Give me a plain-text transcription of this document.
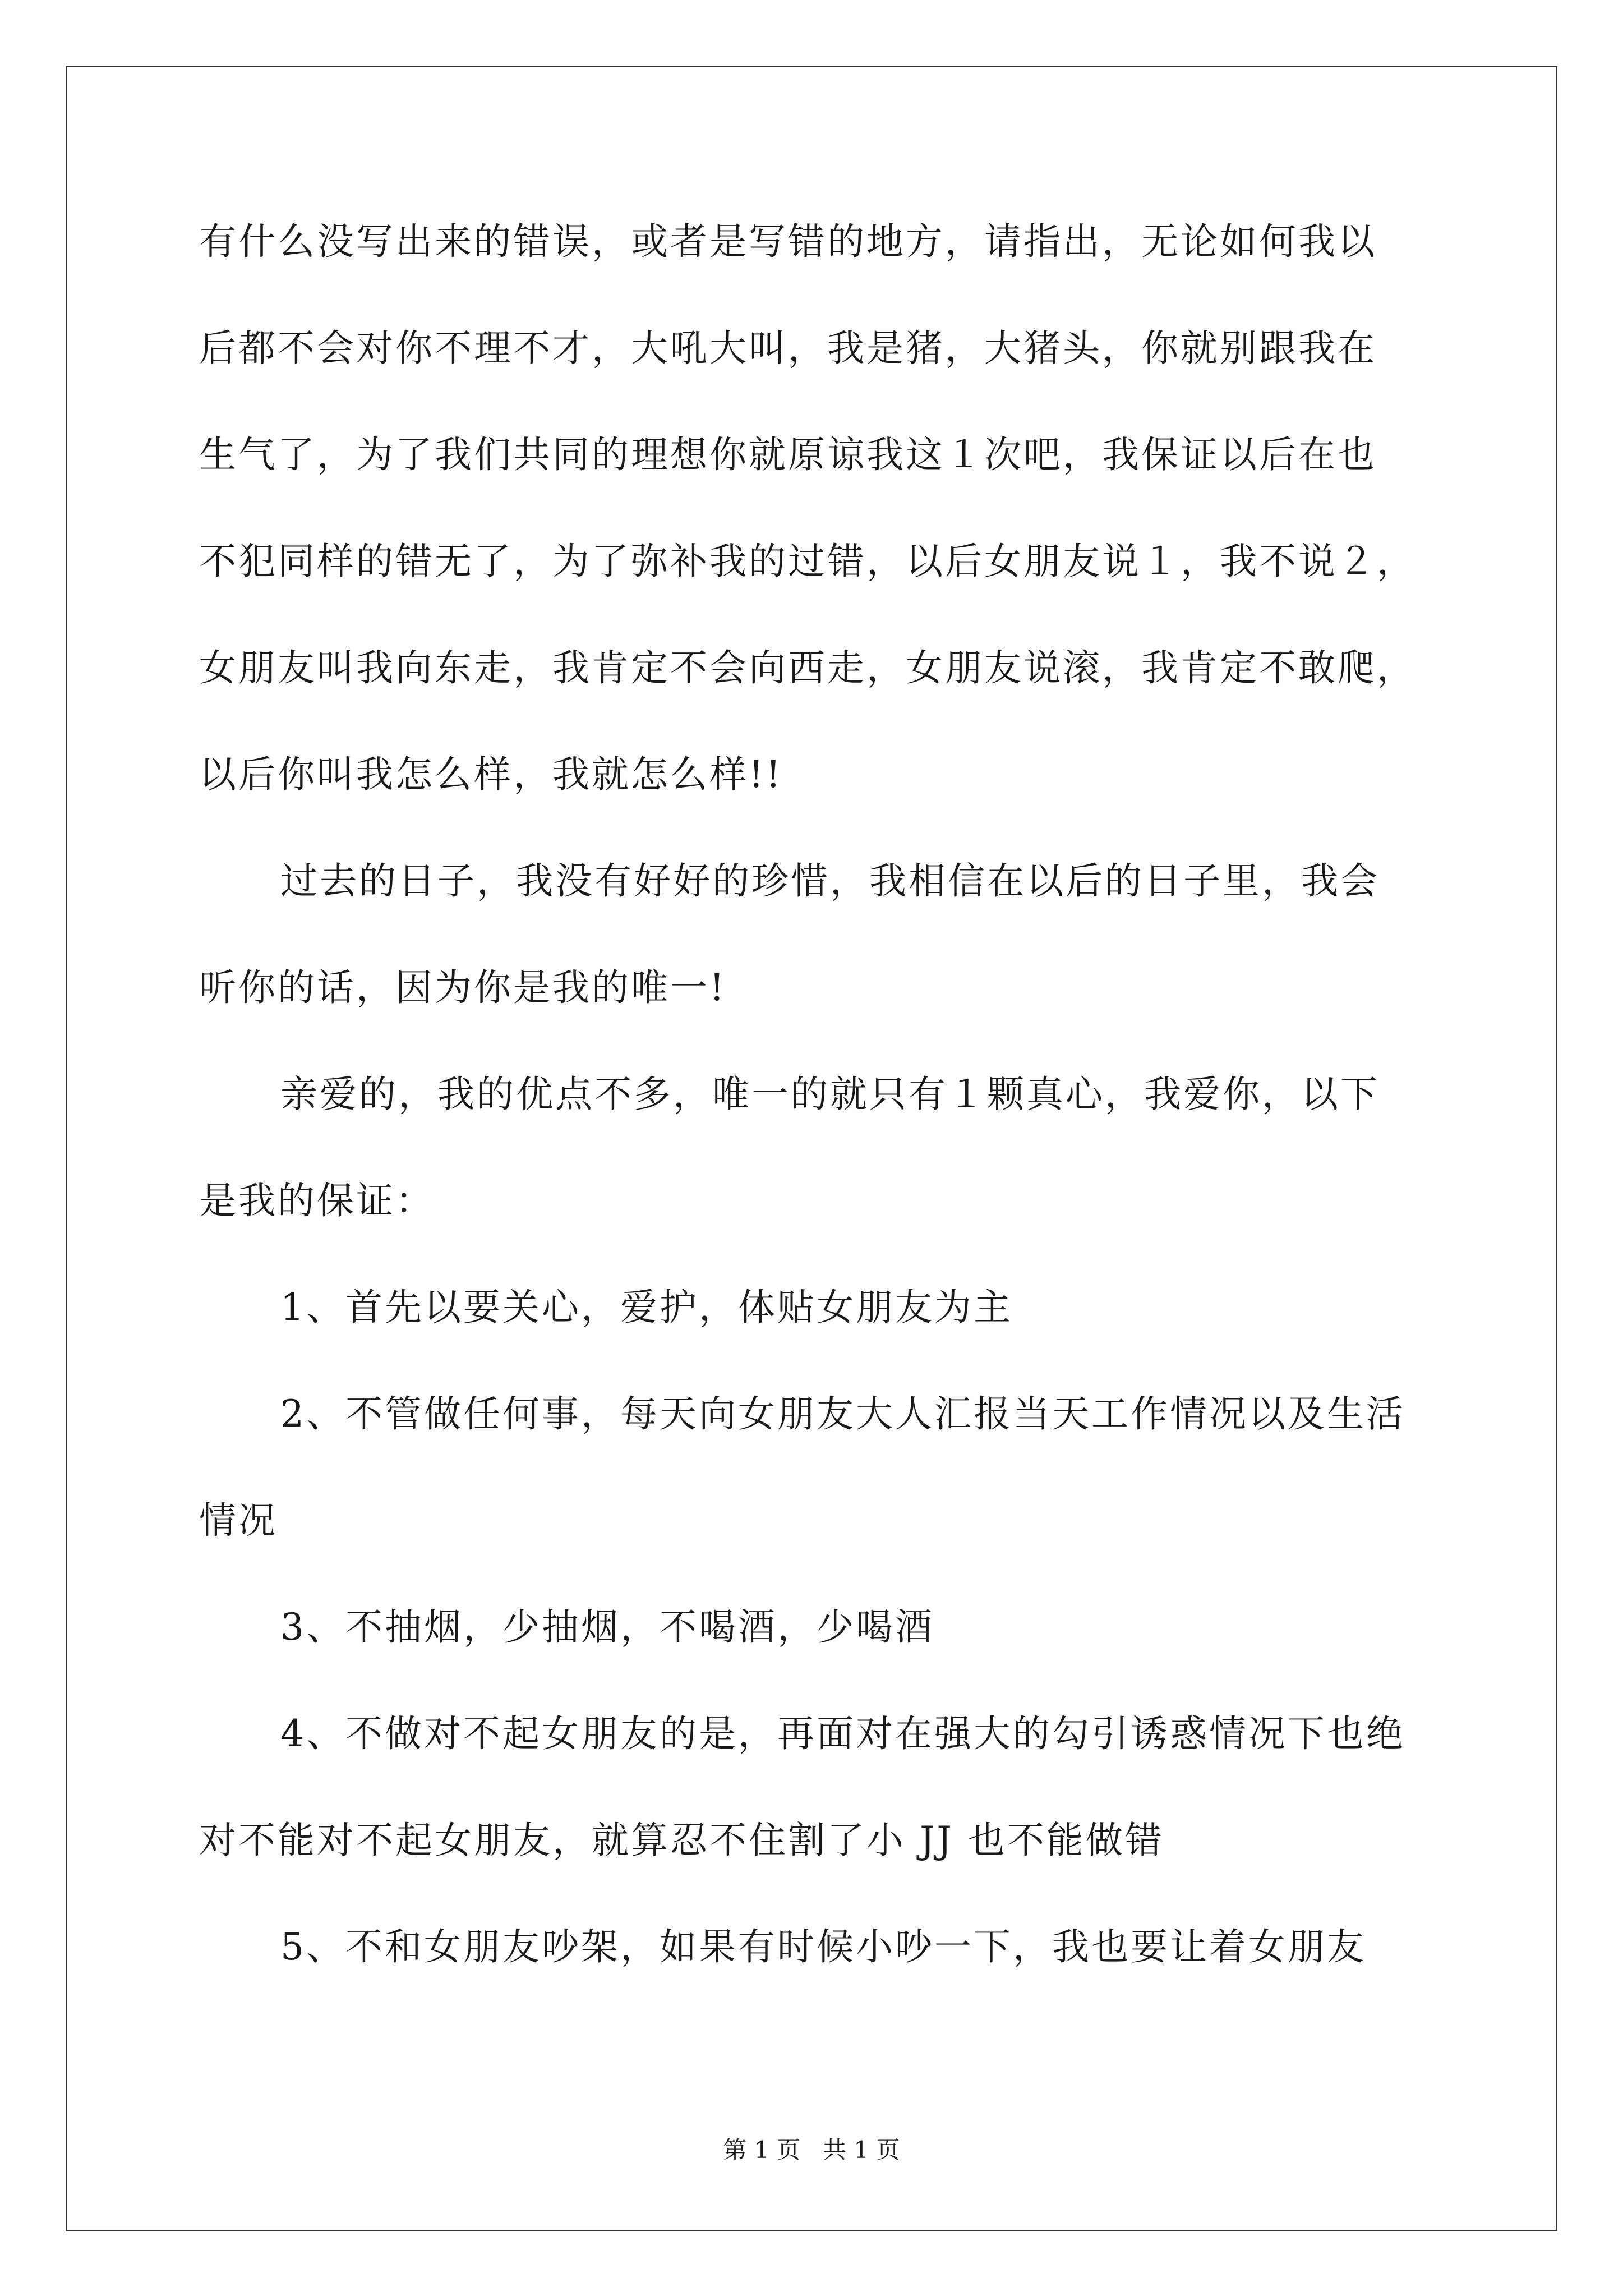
有什么没写出来的错误，或者是写错的地方，请指出，无论如何我以
后都不会对你不理不才，大吼大叫，我是猪，大猪头，你就别跟我在
生气了，为了我们共同的理想你就原谅我这１次吧，我保证以后在也
不犯同样的错无了，为了弥补我的过错，以后女朋友说１，我不说２，
女朋友叫我向东走，我肯定不会向西走，女朋友说滚，我肯定不敢爬，
以后你叫我怎么样，我就怎么样!!
过去的日子，我没有好好的珍惜，我相信在以后的日子里，我会
听你的话，因为你是我的唯一!
亲爱的，我的优点不多，唯一的就只有１颗真心，我爱你，以下
是我的保证：
1、首先以要关心，爱护，体贴女朋友为主
2、不管做任何事，每天向女朋友大人汇报当天工作情况以及生活
情况
3、不抽烟，少抽烟，不喝酒，少喝酒
4、不做对不起女朋友的是，再面对在强大的勾引诱惑情况下也绝
对不能对不起女朋友，就算忍不住割了小 JJ 也不能做错
5、不和女朋友吵架，如果有时候小吵一下，我也要让着女朋友
第 1 页   共 1 页
